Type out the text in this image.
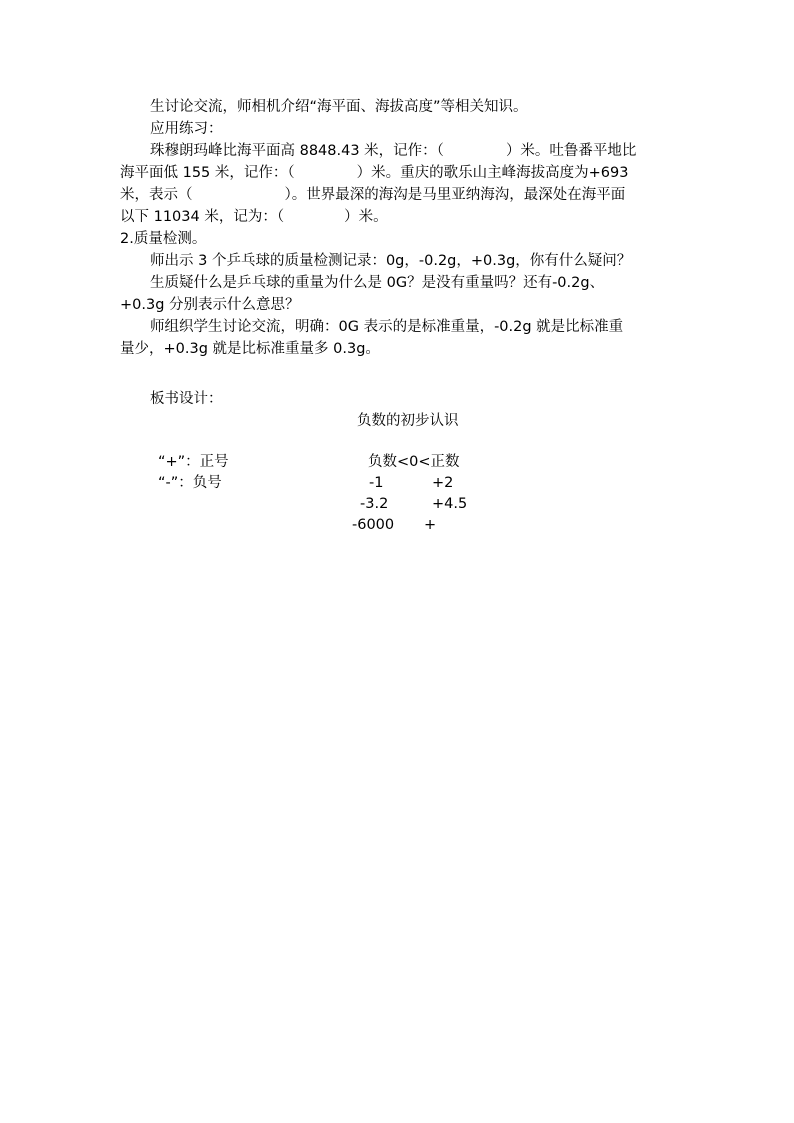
生讨论交流，师相机介绍“海平面、海拔高度”等相关知识。
应用练习：
珠穆朗玛峰比海平面高 8848.43 米，记作：（	）米。吐鲁番平地比
海平面低 155 米，记作：（	）米。重庆的歌乐山主峰海拔高度为+693
米，表示（	）。世界最深的海沟是马里亚纳海沟，最深处在海平面
以下 11034 米，记为：（	）米。
2.质量检测。
师出示 3 个乒乓球的质量检测记录：0g，-0.2g，+0.3g，你有什么疑问？
生质疑什么是乒乓球的重量为什么是 0G？是没有重量吗？还有-0.2g、
+0.3g 分别表示什么意思？
师组织学生讨论交流，明确：0G 表示的是标准重量，-0.2g 就是比标准重
量少，+0.3g 就是比标准重量多 0.3g。
板书设计：
负数的初步认识
“+”：正号	负数<0<正数
“-”：负号	-1	+2
-3.2	+4.5
-6000 +
